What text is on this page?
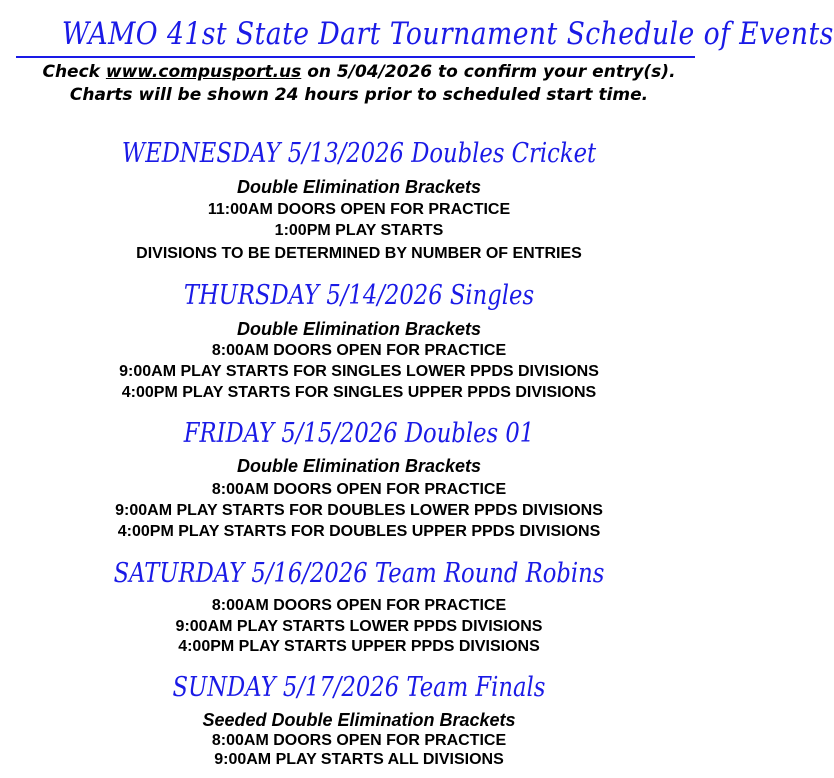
WAMO 41st State Dart Tournament Schedule of Events
Check www.compusport.us on 5/04/2026 to confirm your entry(s).
Charts will be shown 24 hours prior to scheduled start time.
WEDNESDAY 5/13/2026 Doubles Cricket
Double Elimination Brackets
11:00AM DOORS OPEN FOR PRACTICE
1:00PM PLAY STARTS
DIVISIONS TO BE DETERMINED BY NUMBER OF ENTRIES
THURSDAY 5/14/2026 Singles
Double Elimination Brackets
8:00AM DOORS OPEN FOR PRACTICE
9:00AM PLAY STARTS FOR SINGLES LOWER PPDS DIVISIONS
4:00PM PLAY STARTS FOR SINGLES UPPER PPDS DIVISIONS
FRIDAY 5/15/2026 Doubles 01
Double Elimination Brackets
8:00AM DOORS OPEN FOR PRACTICE
9:00AM PLAY STARTS FOR DOUBLES LOWER PPDS DIVISIONS
4:00PM PLAY STARTS FOR DOUBLES UPPER PPDS DIVISIONS
SATURDAY 5/16/2026 Team Round Robins
8:00AM DOORS OPEN FOR PRACTICE
9:00AM PLAY STARTS LOWER PPDS DIVISIONS
4:00PM PLAY STARTS UPPER PPDS DIVISIONS
SUNDAY 5/17/2026 Team Finals
Seeded Double Elimination Brackets
8:00AM DOORS OPEN FOR PRACTICE
9:00AM PLAY STARTS ALL DIVISIONS
